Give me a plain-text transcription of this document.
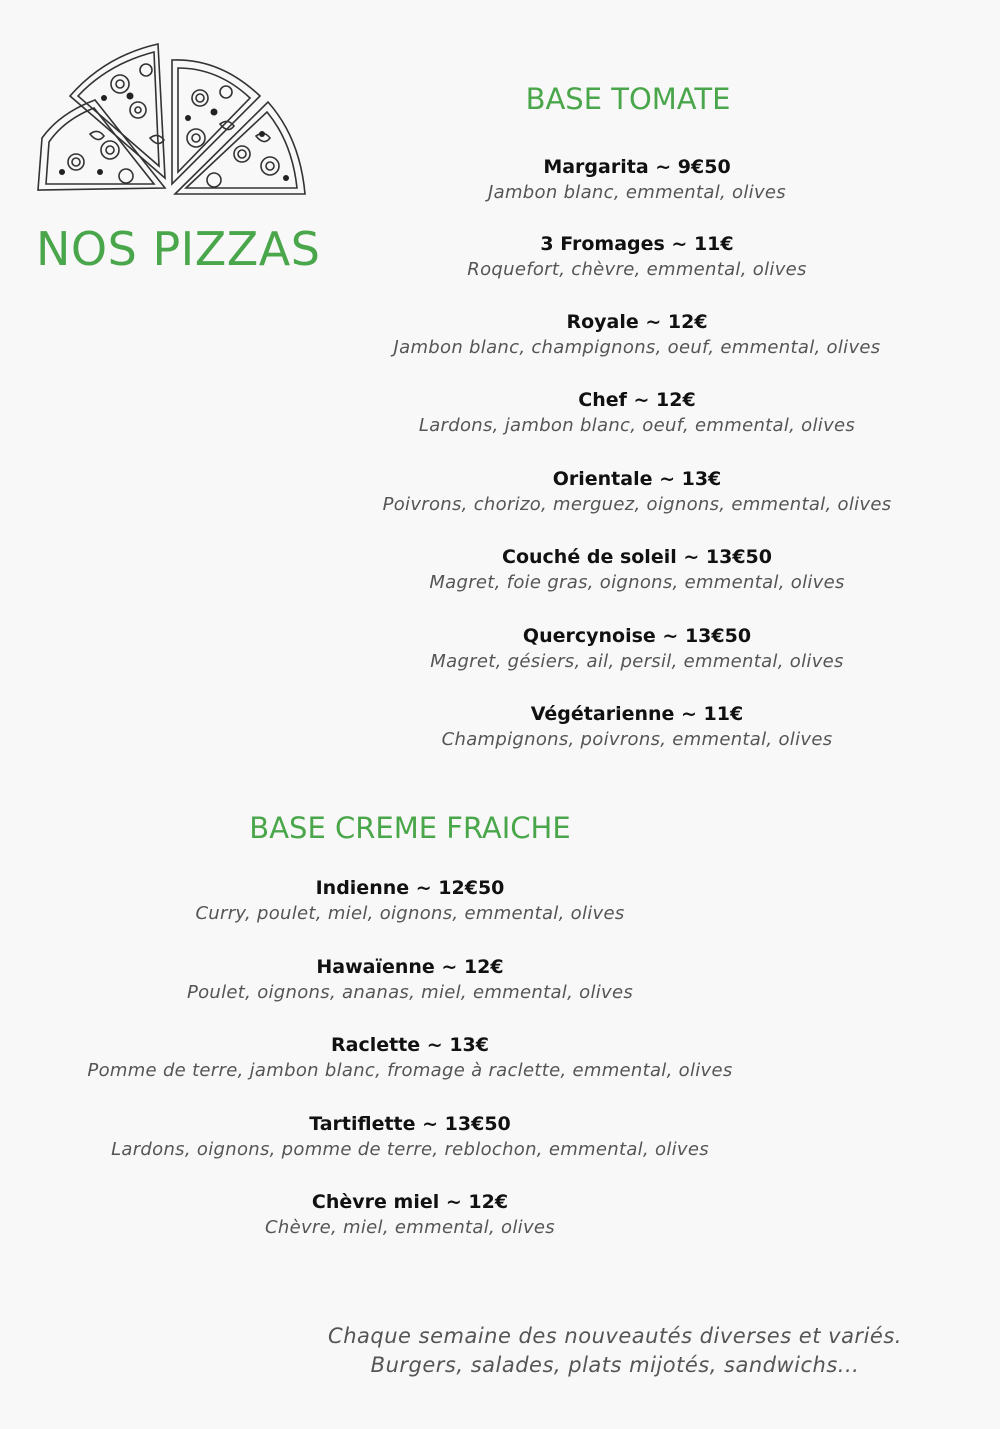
NOS PIZZAS
BASE TOMATE
Margarita ~ 9€50
Jambon blanc, emmental, olives
3 Fromages ~ 11€
Roquefort, chèvre, emmental, olives
Royale ~ 12€
Jambon blanc, champignons, oeuf, emmental, olives
Chef ~ 12€
Lardons, jambon blanc, oeuf, emmental, olives
Orientale ~ 13€
Poivrons, chorizo, merguez, oignons, emmental, olives
Couché de soleil ~ 13€50
Magret, foie gras, oignons, emmental, olives
Quercynoise ~ 13€50
Magret, gésiers, ail, persil, emmental, olives
Végétarienne ~ 11€
Champignons, poivrons, emmental, olives
BASE CREME FRAICHE
Indienne ~ 12€50
Curry, poulet, miel, oignons, emmental, olives
Hawaïenne ~ 12€
Poulet, oignons, ananas, miel, emmental, olives
Raclette ~ 13€
Pomme de terre, jambon blanc, fromage à raclette, emmental, olives
Tartiflette ~ 13€50
Lardons, oignons, pomme de terre, reblochon, emmental, olives
Chèvre miel ~ 12€
Chèvre, miel, emmental, olives
Chaque semaine des nouveautés diverses et variés.
Burgers, salades, plats mijotés, sandwichs...
